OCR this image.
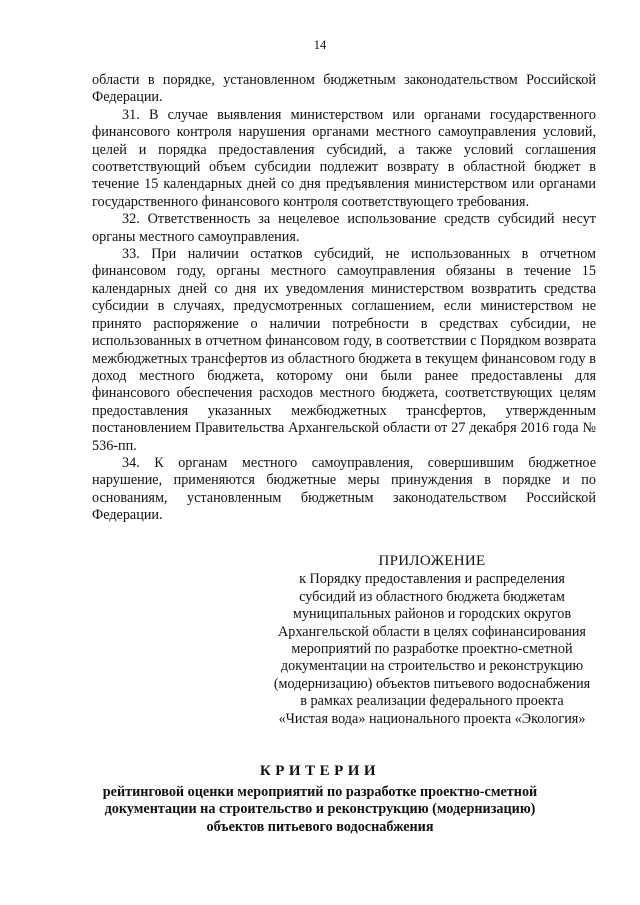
14

области в порядке, установленном бюджетным законодательством Российской Федерации.

31. В случае выявления министерством или органами государственного финансового контроля нарушения органами местного самоуправления условий, целей и порядка предоставления субсидий, а также условий соглашения соответствующий объем субсидии подлежит возврату в областной бюджет в течение 15 календарных дней со дня предъявления министерством или органами государственного финансового контроля соответствующего требования.

32. Ответственность за нецелевое использование средств субсидий несут органы местного самоуправления.

33. При наличии остатков субсидий, не использованных в отчетном финансовом году, органы местного самоуправления обязаны в течение 15 календарных дней со дня их уведомления министерством возвратить средства субсидии в случаях, предусмотренных соглашением, если министерством не принято распоряжение о наличии потребности в средствах субсидии, не использованных в отчетном финансовом году, в соответствии с Порядком возврата межбюджетных трансфертов из областного бюджета в текущем финансовом году в доход местного бюджета, которому они были ранее предоставлены для финансового обеспечения расходов местного бюджета, соответствующих целям предоставления указанных межбюджетных трансфертов, утвержденным постановлением Правительства Архангельской области от 27 декабря 2016 года № 536-пп.

34. К органам местного самоуправления, совершившим бюджетное нарушение, применяются бюджетные меры принуждения в порядке и по основаниям, установленным бюджетным законодательством Российской Федерации.

ПРИЛОЖЕНИЕ
к Порядку предоставления и распределения
субсидий из областного бюджета бюджетам
муниципальных районов и городских округов
Архангельской области в целях софинансирования
мероприятий по разработке проектно-сметной
документации на строительство и реконструкцию
(модернизацию) объектов питьевого водоснабжения
в рамках реализации федерального проекта
«Чистая вода» национального проекта «Экология»
КРИТЕРИИ
рейтинговой оценки мероприятий по разработке проектно-сметной
документации на строительство и реконструкцию (модернизацию)
объектов питьевого водоснабжения
